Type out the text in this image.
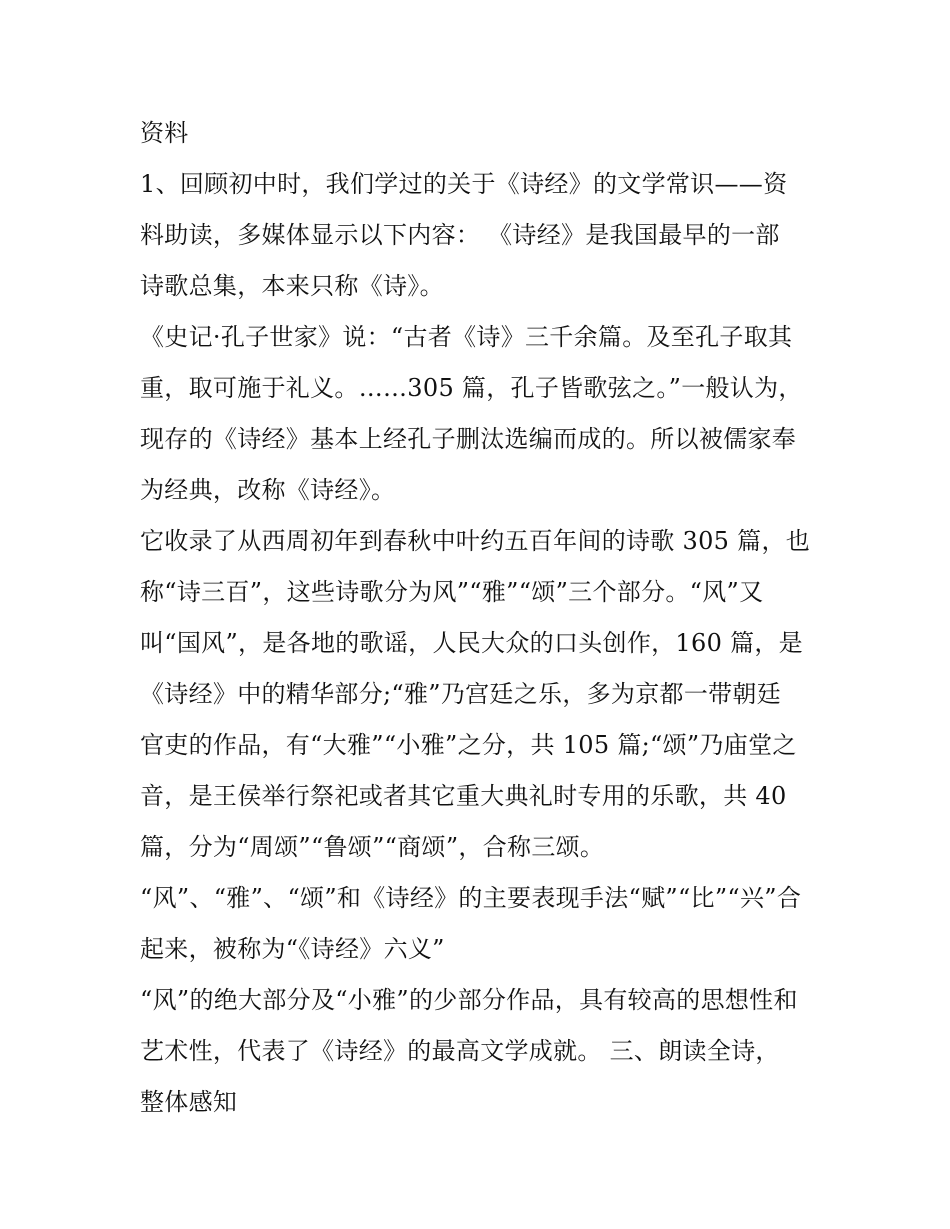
资料
1、回顾初中时，我们学过的关于《诗经》的文学常识——资
料助读，多媒体显示以下内容： 《诗经》是我国最早的一部
诗歌总集，本来只称《诗》。
《史记·孔子世家》说：“古者《诗》三千余篇。及至孔子取其
重，取可施于礼义。……305 篇，孔子皆歌弦之。”一般认为，
现存的《诗经》基本上经孔子删汰选编而成的。所以被儒家奉
为经典，改称《诗经》。
它收录了从西周初年到春秋中叶约五百年间的诗歌 305 篇，也
称“诗三百”，这些诗歌分为风”“雅”“颂”三个部分。“风”又
叫“国风”，是各地的歌谣，人民大众的口头创作，160 篇，是
《诗经》中的精华部分;“雅”乃宫廷之乐，多为京都一带朝廷
官吏的作品，有“大雅”“小雅”之分，共 105 篇;“颂”乃庙堂之
音，是王侯举行祭祀或者其它重大典礼时专用的乐歌，共 40
篇，分为“周颂”“鲁颂”“商颂”，合称三颂。
“风”、“雅”、“颂”和《诗经》的主要表现手法“赋”“比”“兴”合
起来，被称为“《诗经》六义”
“风”的绝大部分及“小雅”的少部分作品，具有较高的思想性和
艺术性，代表了《诗经》的最高文学成就。 三、朗读全诗，
整体感知
